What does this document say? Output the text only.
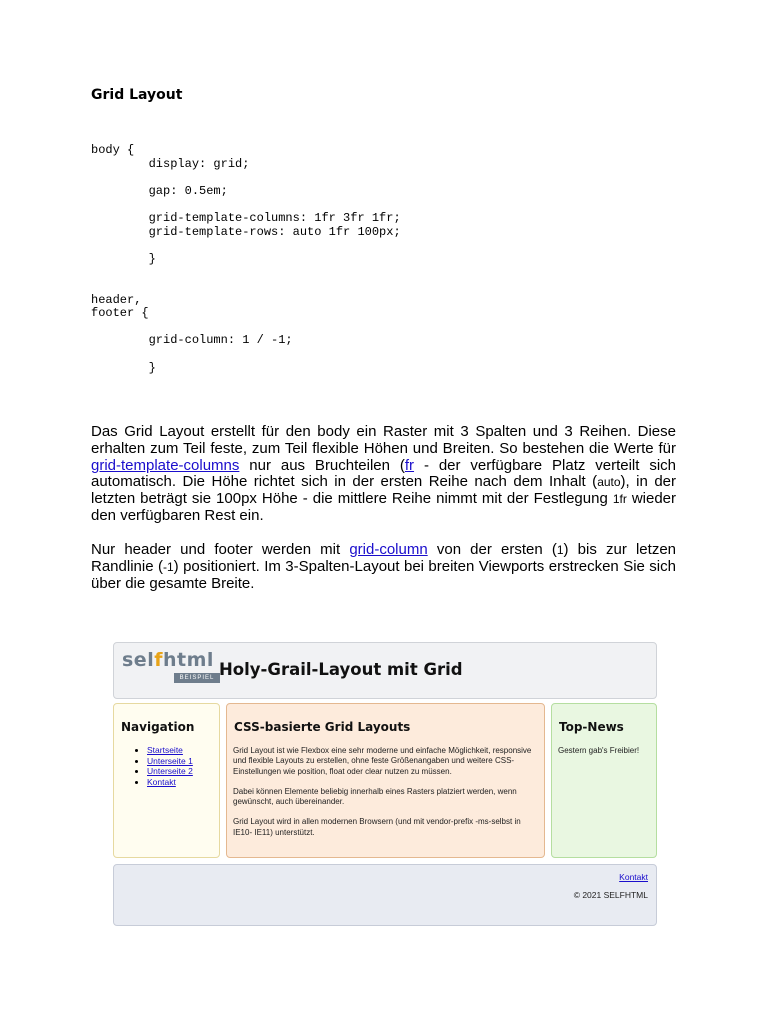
Grid Layout
body {
display: grid;

gap: 0.5em;

grid-template-columns: 1fr 3fr 1fr;
grid-template-rows: auto 1fr 100px;

}

header,
footer {

grid-column: 1 / -1;

}
Das Grid Layout erstellt für den body ein Raster mit 3 Spalten und 3 Reihen. Diese erhalten zum Teil feste, zum Teil flexible Höhen und Breiten. So bestehen die Werte für grid-template-columns nur aus Bruchteilen (fr - der verfügbare Platz verteilt sich automatisch. Die Höhe richtet sich in der ersten Reihe nach dem Inhalt (auto), in der letzten beträgt sie 100px Höhe - die mittlere Reihe nimmt mit der Festlegung 1fr wieder den verfügbaren Rest ein.
Nur header und footer werden mit grid-column von der ersten (1) bis zur letzen Randlinie (-1) positioniert. Im 3-Spalten-Layout bei breiten Viewports erstrecken Sie sich über die gesamte Breite.
selfhtml
BEISPIEL Holy-Grail-Layout mit Grid
Navigation
• Startseite
• Unterseite 1
• Unterseite 2
• Kontakt
CSS-basierte Grid Layouts

Grid Layout ist wie Flexbox eine sehr moderne und einfache Möglichkeit, responsive und flexible Layouts zu erstellen, ohne feste Größenangaben und weitere CSS-Einstellungen wie position, float oder clear nutzen zu müssen.

Dabei können Elemente beliebig innerhalb eines Rasters platziert werden, wenn gewünscht, auch übereinander.

Grid Layout wird in allen modernen Browsern (und mit vendor-prefix -ms-selbst in IE10- IE11) unterstützt.

Top-News
Gestern gab's Freibier!
Kontakt
© 2021 SELFHTML
